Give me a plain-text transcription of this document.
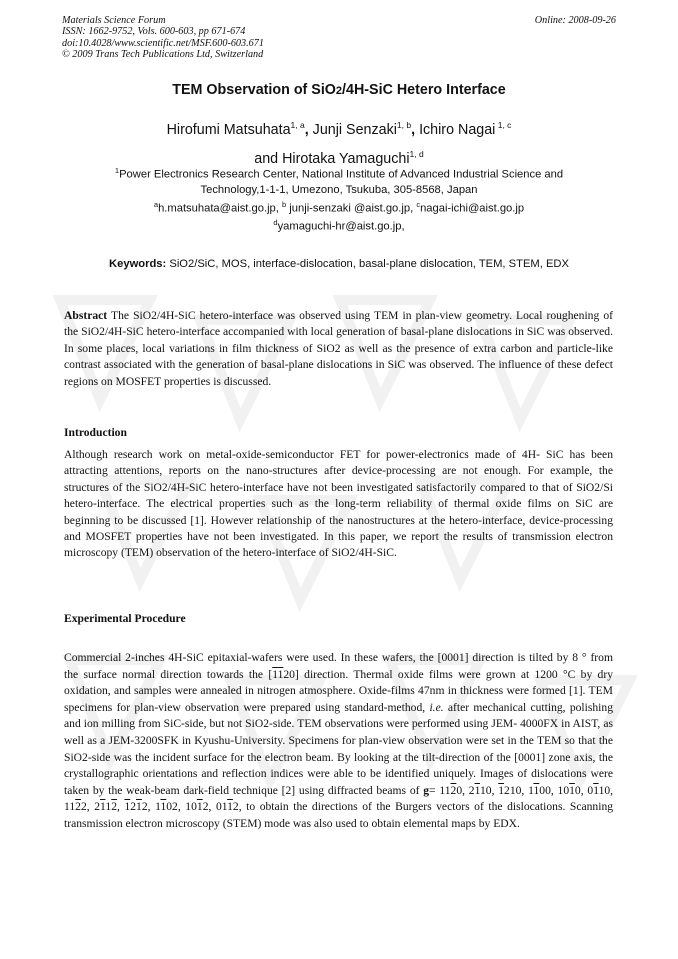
Materials Science Forum
ISSN: 1662-9752, Vols. 600-603, pp 671-674
doi:10.4028/www.scientific.net/MSF.600-603.671
© 2009 Trans Tech Publications Ltd, Switzerland
Online: 2008-09-26
TEM Observation of SiO2/4H-SiC Hetero Interface
Hirofumi Matsuhata$^{1, a}$, Junji Senzaki$^{1, b}$, Ichiro Nagai $^{1, c}$
and Hirotaka Yamaguchi$^{1, d}$
$^1$Power Electronics Research Center, National Institute of Advanced Industrial Science and
Technology,1-1-1, Umezono, Tsukuba, 305-8568, Japan
$^a$h.matsuhata@aist.go.jp, $^b$ junji-senzaki @aist.go.jp, $^c$nagai-ichi@aist.go.jp
$^d$yamaguchi-hr@aist.go.jp,
Keywords: SiO2/SiC, MOS, interface-dislocation, basal-plane dislocation, TEM, STEM, EDX
Abstract The SiO2/4H-SiC hetero-interface was observed using TEM in plan-view geometry. Local roughening of the SiO2/4H-SiC hetero-interface accompanied with local generation of basal-plane dislocations in SiC was observed. In some places, local variations in film thickness of SiO2 as well as the presence of extra carbon and particle-like contrast associated with the generation of basal-plane dislocations in SiC was observed. The influence of these defect regions on MOSFET properties is discussed.
Introduction
Although research work on metal-oxide-semiconductor FET for power-electronics made of 4H- SiC has been attracting attentions, reports on the nano-structures after device-processing are not enough. For example, the structures of the SiO2/4H-SiC hetero-interface have not been investigated satisfactorily compared to that of SiO2/Si hetero-interface. The electrical properties such as the long-term reliability of thermal oxide films on SiC are beginning to be discussed [1]. However relationship of the nanostructures at the hetero-interface, device-processing and MOSFET properties have not been investigated. In this paper, we report the results of transmission electron microscopy (TEM) observation of the hetero-interface of SiO2/4H-SiC.
Experimental Procedure
Commercial 2-inches 4H-SiC epitaxial-wafers were used. In these wafers, the [0001] direction is tilted by 8 ° from the surface normal direction towards the [1120] direction. Thermal oxide films were grown at 1200 °C by dry oxidation, and samples were annealed in nitrogen atmosphere. Oxide-films 47nm in thickness were formed [1]. TEM specimens for plan-view observation were prepared using standard-method, i.e. after mechanical cutting, polishing and ion milling from SiC-side, but not SiO2-side. TEM observations were performed using JEM- 4000FX in AIST, as well as a JEM-3200SFK in Kyushu-University. Specimens for plan-view observation were set in the TEM so that the SiO2-side was the incident surface for the electron beam. By looking at the tilt-direction of the [0001] zone axis, the crystallographic orientations and reflection indices were able to be identified uniquely. Images of dislocations were taken by the weak-beam dark-field technique [2] using diffracted beams of g= 1120, 2110, 1210, 1100, 1010, 0110, 1122, 2112, 1212, 1102, 1012, 0112, to obtain the directions of the Burgers vectors of the dislocations. Scanning transmission electron microscopy (STEM) mode was also used to obtain elemental maps by EDX.
